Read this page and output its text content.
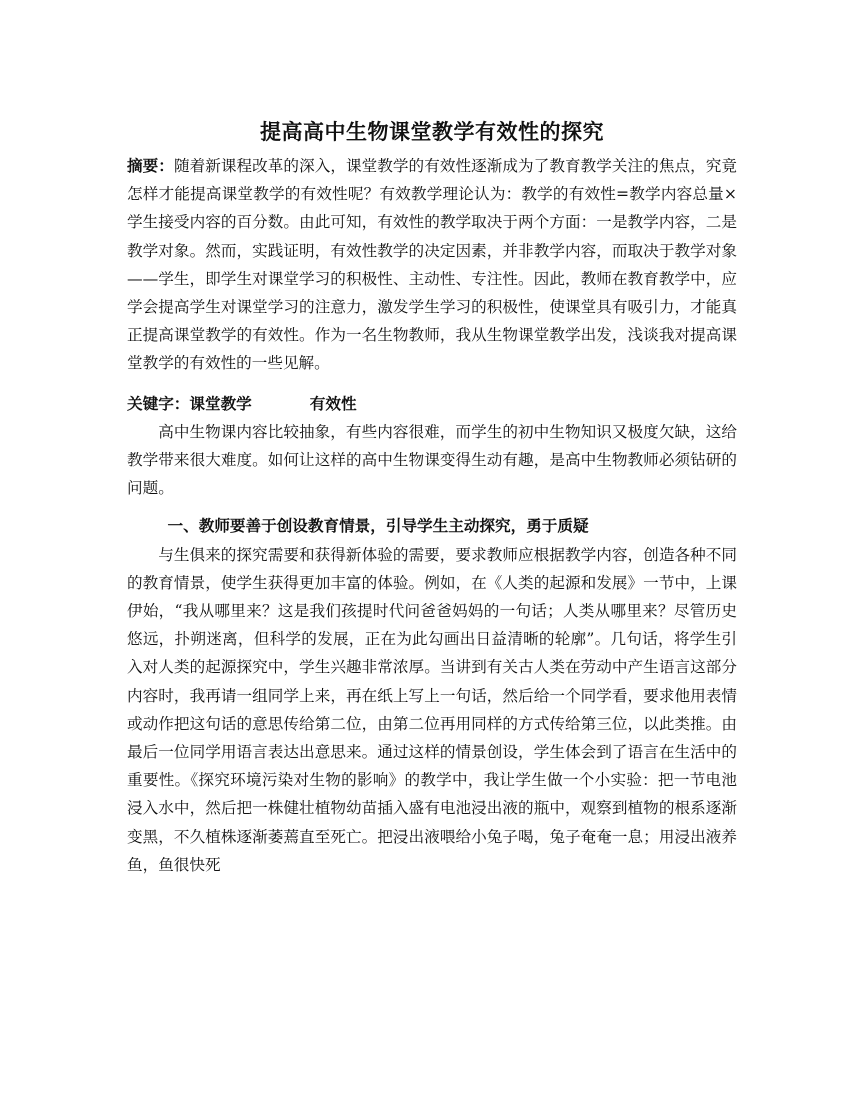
提高高中生物课堂教学有效性的探究

摘要：随着新课程改革的深入，课堂教学的有效性逐渐成为了教育教学关注的焦点，究竟怎样才能提高课堂教学的有效性呢？有效教学理论认为：教学的有效性=教学内容总量×学生接受内容的百分数。由此可知，有效性的教学取决于两个方面：一是教学内容，二是教学对象。然而，实践证明，有效性教学的决定因素，并非教学内容，而取决于教学对象——学生，即学生对课堂学习的积极性、主动性、专注性。因此，教师在教育教学中，应学会提高学生对课堂学习的注意力，激发学生学习的积极性，使课堂具有吸引力，才能真正提高课堂教学的有效性。作为一名生物教师，我从生物课堂教学出发，浅谈我对提高课堂教学的有效性的一些见解。

关键字：课堂教学	有效性

高中生物课内容比较抽象，有些内容很难，而学生的初中生物知识又极度欠缺，这给教学带来很大难度。如何让这样的高中生物课变得生动有趣，是高中生物教师必须钻研的问题。

一、教师要善于创设教育情景，引导学生主动探究，勇于质疑

与生俱来的探究需要和获得新体验的需要，要求教师应根据教学内容，创造各种不同的教育情景，使学生获得更加丰富的体验。例如，在《人类的起源和发展》一节中，上课伊始，“我从哪里来？这是我们孩提时代问爸爸妈妈的一句话；人类从哪里来？尽管历史悠远，扑朔迷离，但科学的发展，正在为此勾画出日益清晰的轮廓”。几句话，将学生引入对人类的起源探究中，学生兴趣非常浓厚。当讲到有关古人类在劳动中产生语言这部分内容时，我再请一组同学上来，再在纸上写上一句话，然后给一个同学看，要求他用表情或动作把这句话的意思传给第二位，由第二位再用同样的方式传给第三位，以此类推。由最后一位同学用语言表达出意思来。通过这样的情景创设，学生体会到了语言在生活中的重要性。《探究环境污染对生物的影响》的教学中，我让学生做一个小实验：把一节电池浸入水中，然后把一株健壮植物幼苗插入盛有电池浸出液的瓶中，观察到植物的根系逐渐变黑，不久植株逐渐萎蔫直至死亡。把浸出液喂给小兔子喝，兔子奄奄一息；用浸出液养鱼，鱼很快死
